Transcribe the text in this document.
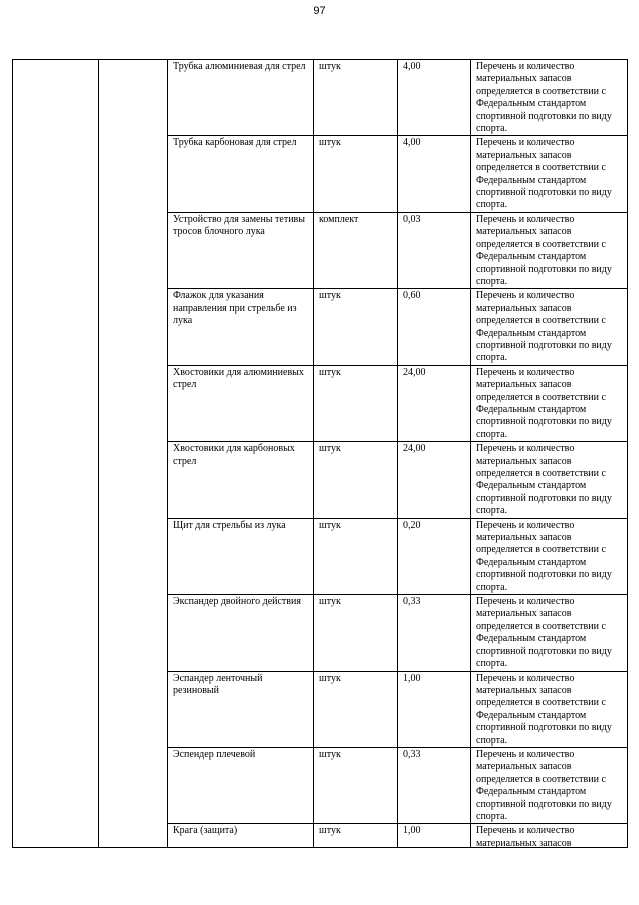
97
		Трубка алюминиевая для стрел	штук	4,00	Перечень и количество материальных запасов определяется в соответствии с Федеральным стандартом спортивной подготовки по виду спорта.

		Трубка карбоновая для стрел	штук	4,00	Перечень и количество материальных запасов определяется в соответствии с Федеральным стандартом спортивной подготовки по виду спорта.

		Устройство для замены тетивы тросов блочного лука	комплект	0,03	Перечень и количество материальных запасов определяется в соответствии с Федеральным стандартом спортивной подготовки по виду спорта.

		Флажок для указания направления при стрельбе из лука	штук	0,60	Перечень и количество материальных запасов определяется в соответствии с Федеральным стандартом спортивной подготовки по виду спорта.

		Хвостовики для алюминиевых стрел	штук	24,00	Перечень и количество материальных запасов определяется в соответствии с Федеральным стандартом спортивной подготовки по виду спорта.

		Хвостовики для карбоновых стрел	штук	24,00	Перечень и количество материальных запасов определяется в соответствии с Федеральным стандартом спортивной подготовки по виду спорта.

		Щит для стрельбы из лука	штук	0,20	Перечень и количество материальных запасов определяется в соответствии с Федеральным стандартом спортивной подготовки по виду спорта.

		Экспандер двойного действия	штук	0,33	Перечень и количество материальных запасов определяется в соответствии с Федеральным стандартом спортивной подготовки по виду спорта.

		Эспандер ленточный резиновый	штук	1,00	Перечень и количество материальных запасов определяется в соответствии с Федеральным стандартом спортивной подготовки по виду спорта.

		Эспендер плечевой	штук	0,33	Перечень и количество материальных запасов определяется в соответствии с Федеральным стандартом спортивной подготовки по виду спорта.

		Крага (защита)	штук	1,00	Перечень и количество материальных запасов
